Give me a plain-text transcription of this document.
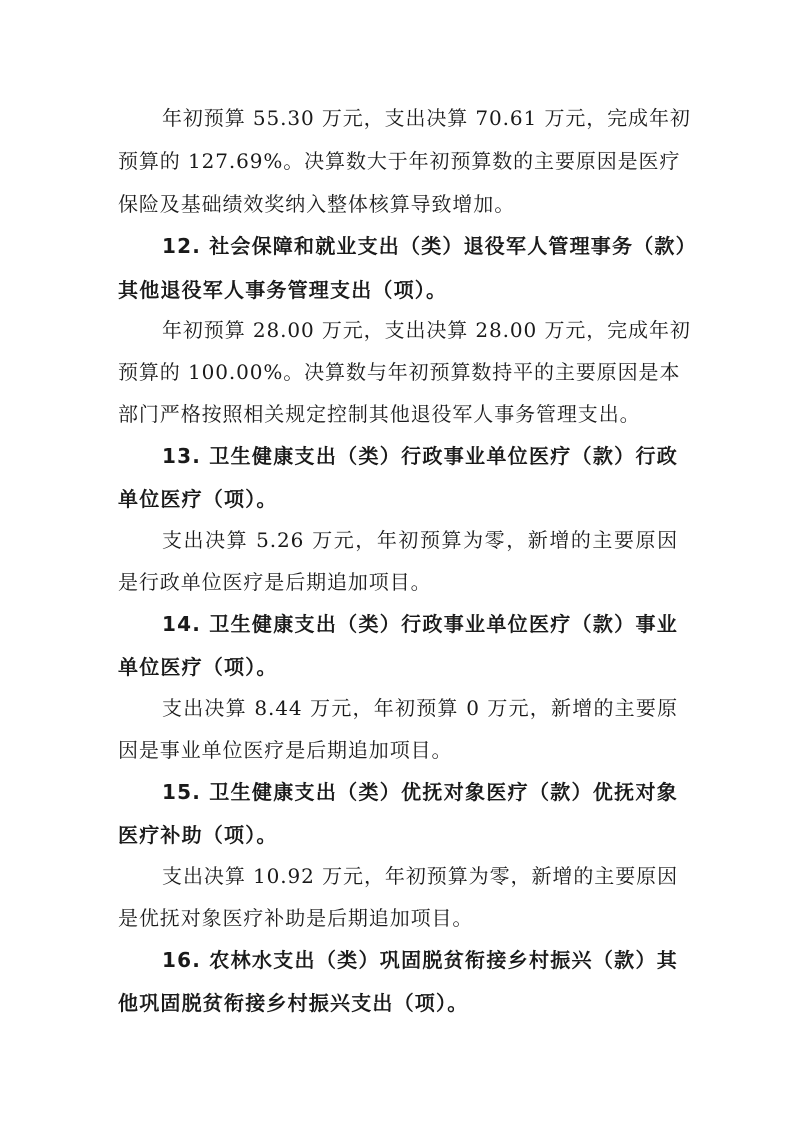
年初预算 55.30 万元，支出决算 70.61 万元，完成年初
预算的 127.69%。决算数大于年初预算数的主要原因是医疗
保险及基础绩效奖纳入整体核算导致增加。
12. 社会保障和就业支出（类）退役军人管理事务（款）
其他退役军人事务管理支出（项）。
年初预算 28.00 万元，支出决算 28.00 万元，完成年初
预算的 100.00%。决算数与年初预算数持平的主要原因是本
部门严格按照相关规定控制其他退役军人事务管理支出。
13. 卫生健康支出（类）行政事业单位医疗（款）行政
单位医疗（项）。
支出决算 5.26 万元，年初预算为零，新增的主要原因
是行政单位医疗是后期追加项目。
14. 卫生健康支出（类）行政事业单位医疗（款）事业
单位医疗（项）。
支出决算 8.44 万元，年初预算 0 万元，新增的主要原
因是事业单位医疗是后期追加项目。
15. 卫生健康支出（类）优抚对象医疗（款）优抚对象
医疗补助（项）。
支出决算 10.92 万元，年初预算为零，新增的主要原因
是优抚对象医疗补助是后期追加项目。
16. 农林水支出（类）巩固脱贫衔接乡村振兴（款）其
他巩固脱贫衔接乡村振兴支出（项）。
